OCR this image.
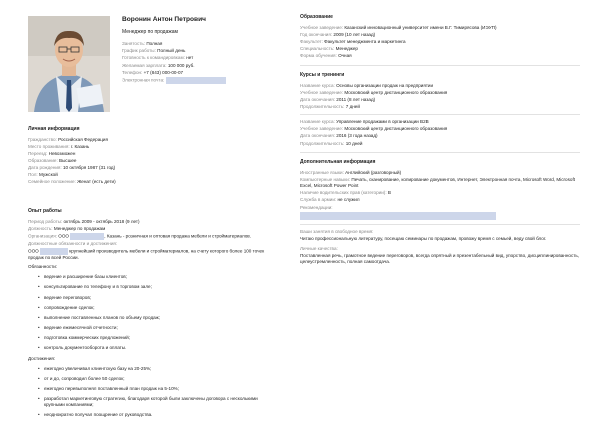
Воронин Антон Петрович
Менеджер по продажам
Занятость: Полная
График работы: Полный день
Готовность к командировкам: нет
Желаемая зарплата: 100 000 руб.
Телефон: +7 (843) 000-00-07
Электронная почта:
Личная информация
Гражданство: Российская Федерация
Место проживания: г. Казань
Переезд: Невозможен
Образование: Высшее
Дата рождения: 10 октября 1987 (31 год)
Пол: Мужской
Семейное положение: Женат (есть дети)
Опыт работы
Период работы: октябрь 2009 - октябрь 2018 (9 лет)
Должность: Менеджер по продажам
Организация: ООО	, Казань - розничная и оптовая продажа мебели и стройматериалов.
Должностные обязанности и достижения:
ООО	крупнейший производитель мебели и стройматериалов, на счету которого более 100 точек продаж по всей России.
Обязанности:
• ведение и расширение базы клиентов;
• консультирование по телефону и в торговом зале;
• ведение переговоров;
• сопровождение сделок;
• выполнение поставленных планов по объему продаж;
• ведение ежемесячной отчетности;
• подготовка коммерческих предложений;
• контроль документооборота и оплаты.
Достижения:
• ежегодно увеличивал клиентскую базу на 20-25%;
• от и до, сопроводил более 50 сделок;
• ежегодно перевыполнял поставленный план продаж на 5-10%;
• разработал маркетинговую стратегию, благодаря которой были заключены договора с несколькими крупными компаниями;
• неоднократно получал поощрение от руководства.
Образование
Учебное заведение: Казанский инновационный университет имени В.Г. Тимирясова (ИЭУП)
Год окончания: 2009 (10 лет назад)
Факультет: Факультет менеджмента и маркетинга
Специальность: Менеджер
Форма обучения: Очная
Курсы и тренинги
Название курса: Основы организации продаж на предприятии
Учебное заведение: Московский центр дистанционного образования
Дата окончания: 2011 (8 лет назад)
Продолжительность: 7 дней
Название курса: Управление продажами в организации В2В
Учебное заведение: Московский центр дистанционного образования
Дата окончания: 2016 (3 года назад)
Продолжительность: 10 дней
Дополнительная информация
Иностранные языки: Английский (разговорный)
Компьютерные навыки: Печать, сканирование, копирование документов, Интернет, Электронная почта, Microsoft Word, Microsoft Excel, Microsoft Power Point
Наличие водительских прав (категории): B
Служба в армии: не служил
Рекомендации:
Ваши занятия в свободное время:
Читаю профессиональную литературу, посещаю семинары по продажам, провожу время с семьей, веду свой блог.
Личные качества:
Поставленная речь, грамотное ведение переговоров, всегда опрятный и презентабельный вид, упорство, дисциплинированность, целеустремленность, полная самоотдача.
